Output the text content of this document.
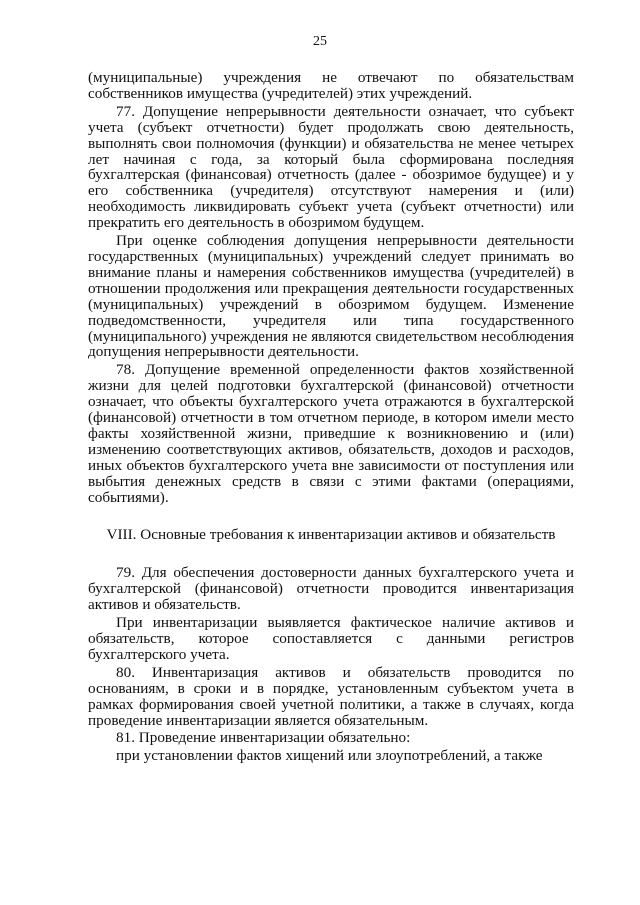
25

(муниципальные) учреждения не отвечают по обязательствам собственников имущества (учредителей) этих учреждений.

77. Допущение непрерывности деятельности означает, что субъект учета (субъект отчетности) будет продолжать свою деятельность, выполнять свои полномочия (функции) и обязательства не менее четырех лет начиная с года, за который была сформирована последняя бухгалтерская (финансовая) отчетность (далее - обозримое будущее) и у его собственника (учредителя) отсутствуют намерения и (или) необходимость ликвидировать субъект учета (субъект отчетности) или прекратить его деятельность в обозримом будущем.

При оценке соблюдения допущения непрерывности деятельности государственных (муниципальных) учреждений следует принимать во внимание планы и намерения собственников имущества (учредителей) в отношении продолжения или прекращения деятельности государственных (муниципальных) учреждений в обозримом будущем. Изменение подведомственности, учредителя или типа государственного (муниципального) учреждения не являются свидетельством несоблюдения допущения непрерывности деятельности.

78. Допущение временной определенности фактов хозяйственной жизни для целей подготовки бухгалтерской (финансовой) отчетности означает, что объекты бухгалтерского учета отражаются в бухгалтерской (финансовой) отчетности в том отчетном периоде, в котором имели место факты хозяйственной жизни, приведшие к возникновению и (или) изменению соответствующих активов, обязательств, доходов и расходов, иных объектов бухгалтерского учета вне зависимости от поступления или выбытия денежных средств в связи с этими фактами (операциями, событиями).

VIII. Основные требования к инвентаризации активов и обязательств

79. Для обеспечения достоверности данных бухгалтерского учета и бухгалтерской (финансовой) отчетности проводится инвентаризация активов и обязательств.

При инвентаризации выявляется фактическое наличие активов и обязательств, которое сопоставляется с данными регистров бухгалтерского учета.

80. Инвентаризация активов и обязательств проводится по основаниям, в сроки и в порядке, установленным субъектом учета в рамках формирования своей учетной политики, а также в случаях, когда проведение инвентаризации является обязательным.

81. Проведение инвентаризации обязательно:

при установлении фактов хищений или злоупотреблений, а также
